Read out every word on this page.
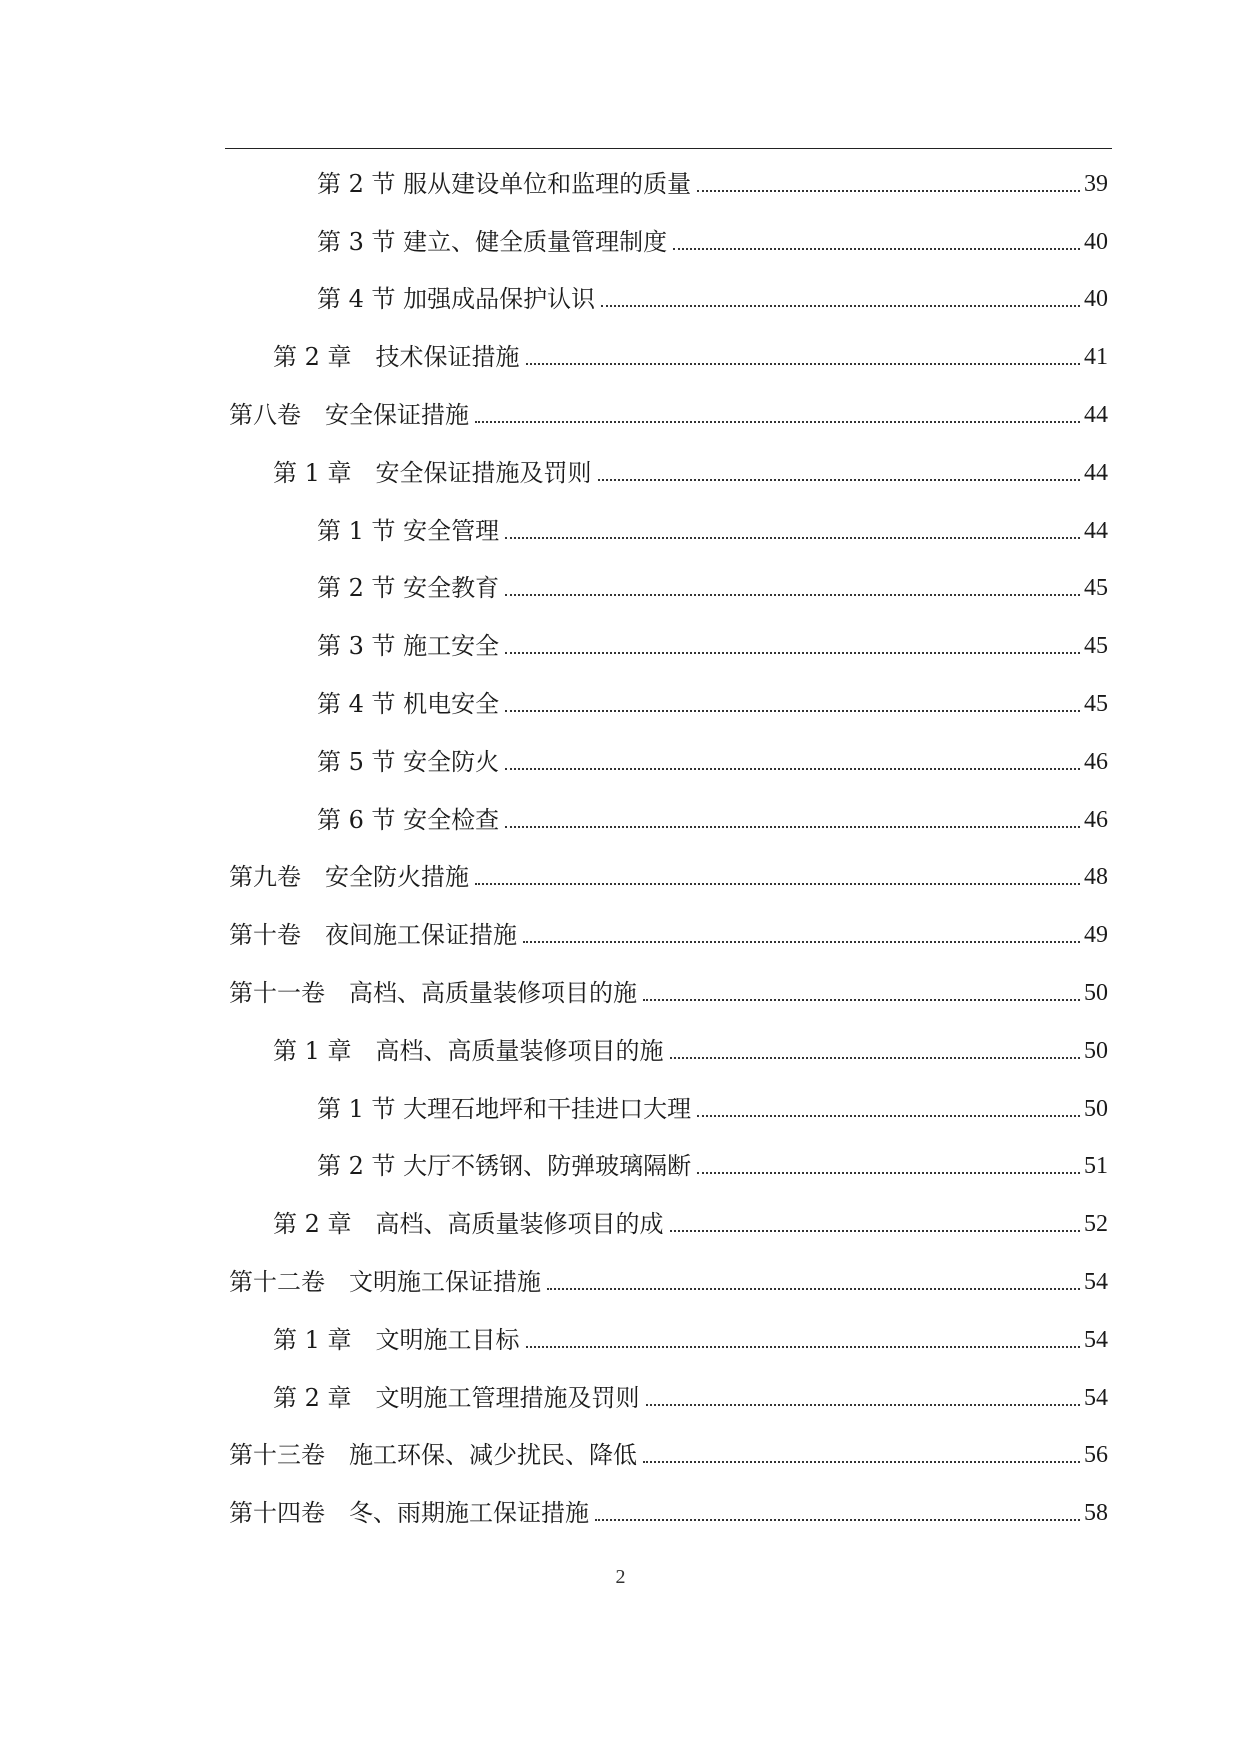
第 2 节 服从建设单位和监理的质量	39
第 3 节 建立、健全质量管理制度	40
第 4 节 加强成品保护认识	40
第 2 章　技术保证措施	41
第八卷　安全保证措施	44
第 1 章　安全保证措施及罚则	44
第 1 节 安全管理	44
第 2 节 安全教育	45
第 3 节 施工安全	45
第 4 节 机电安全	45
第 5 节 安全防火	46
第 6 节 安全检查	46
第九卷　安全防火措施	48
第十卷　夜间施工保证措施	49
第十一卷　高档、高质量装修项目的施	50
第 1 章　高档、高质量装修项目的施	50
第 1 节 大理石地坪和干挂进口大理	50
第 2 节 大厅不锈钢、防弹玻璃隔断	51
第 2 章　高档、高质量装修项目的成	52
第十二卷　文明施工保证措施	54
第 1 章　文明施工目标	54
第 2 章　文明施工管理措施及罚则	54
第十三卷　施工环保、减少扰民、降低	56
第十四卷　冬、雨期施工保证措施	58
2
